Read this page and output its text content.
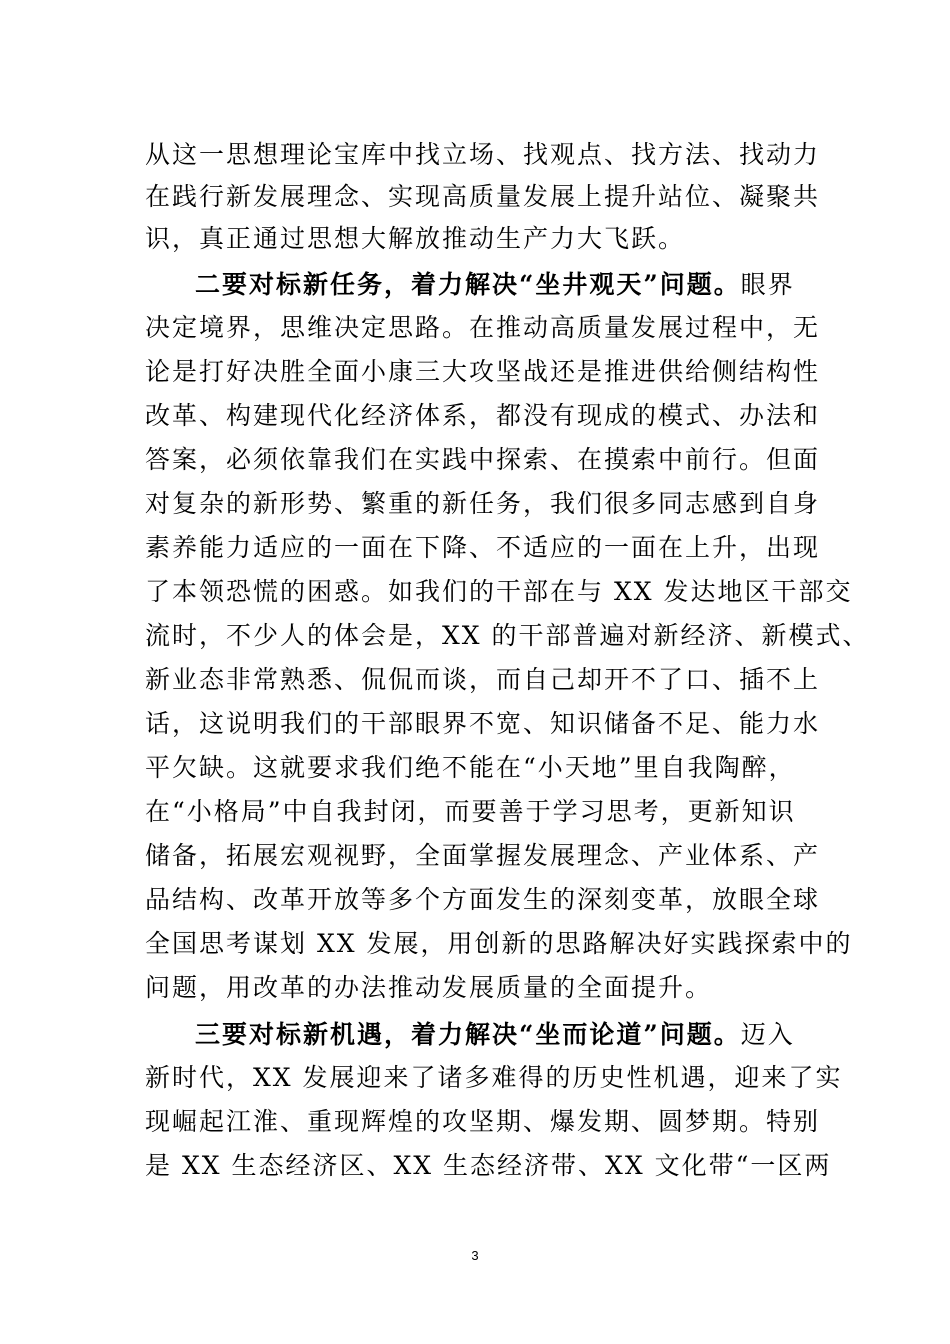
从这一思想理论宝库中找立场、找观点、找方法、找动力
在践行新发展理念、实现高质量发展上提升站位、凝聚共
识，真正通过思想大解放推动生产力大飞跃。
二要对标新任务，着力解决“坐井观天”问题。眼界
决定境界，思维决定思路。在推动高质量发展过程中，无
论是打好决胜全面小康三大攻坚战还是推进供给侧结构性
改革、构建现代化经济体系，都没有现成的模式、办法和
答案，必须依靠我们在实践中探索、在摸索中前行。但面
对复杂的新形势、繁重的新任务，我们很多同志感到自身
素养能力适应的一面在下降、不适应的一面在上升，出现
了本领恐慌的困惑。如我们的干部在与 XX 发达地区干部交
流时，不少人的体会是，XX 的干部普遍对新经济、新模式、
新业态非常熟悉、侃侃而谈，而自己却开不了口、插不上
话，这说明我们的干部眼界不宽、知识储备不足、能力水
平欠缺。这就要求我们绝不能在“小天地”里自我陶醉，
在“小格局”中自我封闭，而要善于学习思考，更新知识
储备，拓展宏观视野，全面掌握发展理念、产业体系、产
品结构、改革开放等多个方面发生的深刻变革，放眼全球
全国思考谋划 XX 发展，用创新的思路解决好实践探索中的
问题，用改革的办法推动发展质量的全面提升。
三要对标新机遇，着力解决“坐而论道”问题。迈入
新时代，XX 发展迎来了诸多难得的历史性机遇，迎来了实
现崛起江淮、重现辉煌的攻坚期、爆发期、圆梦期。特别
是 XX 生态经济区、XX 生态经济带、XX 文化带“一区两
3
